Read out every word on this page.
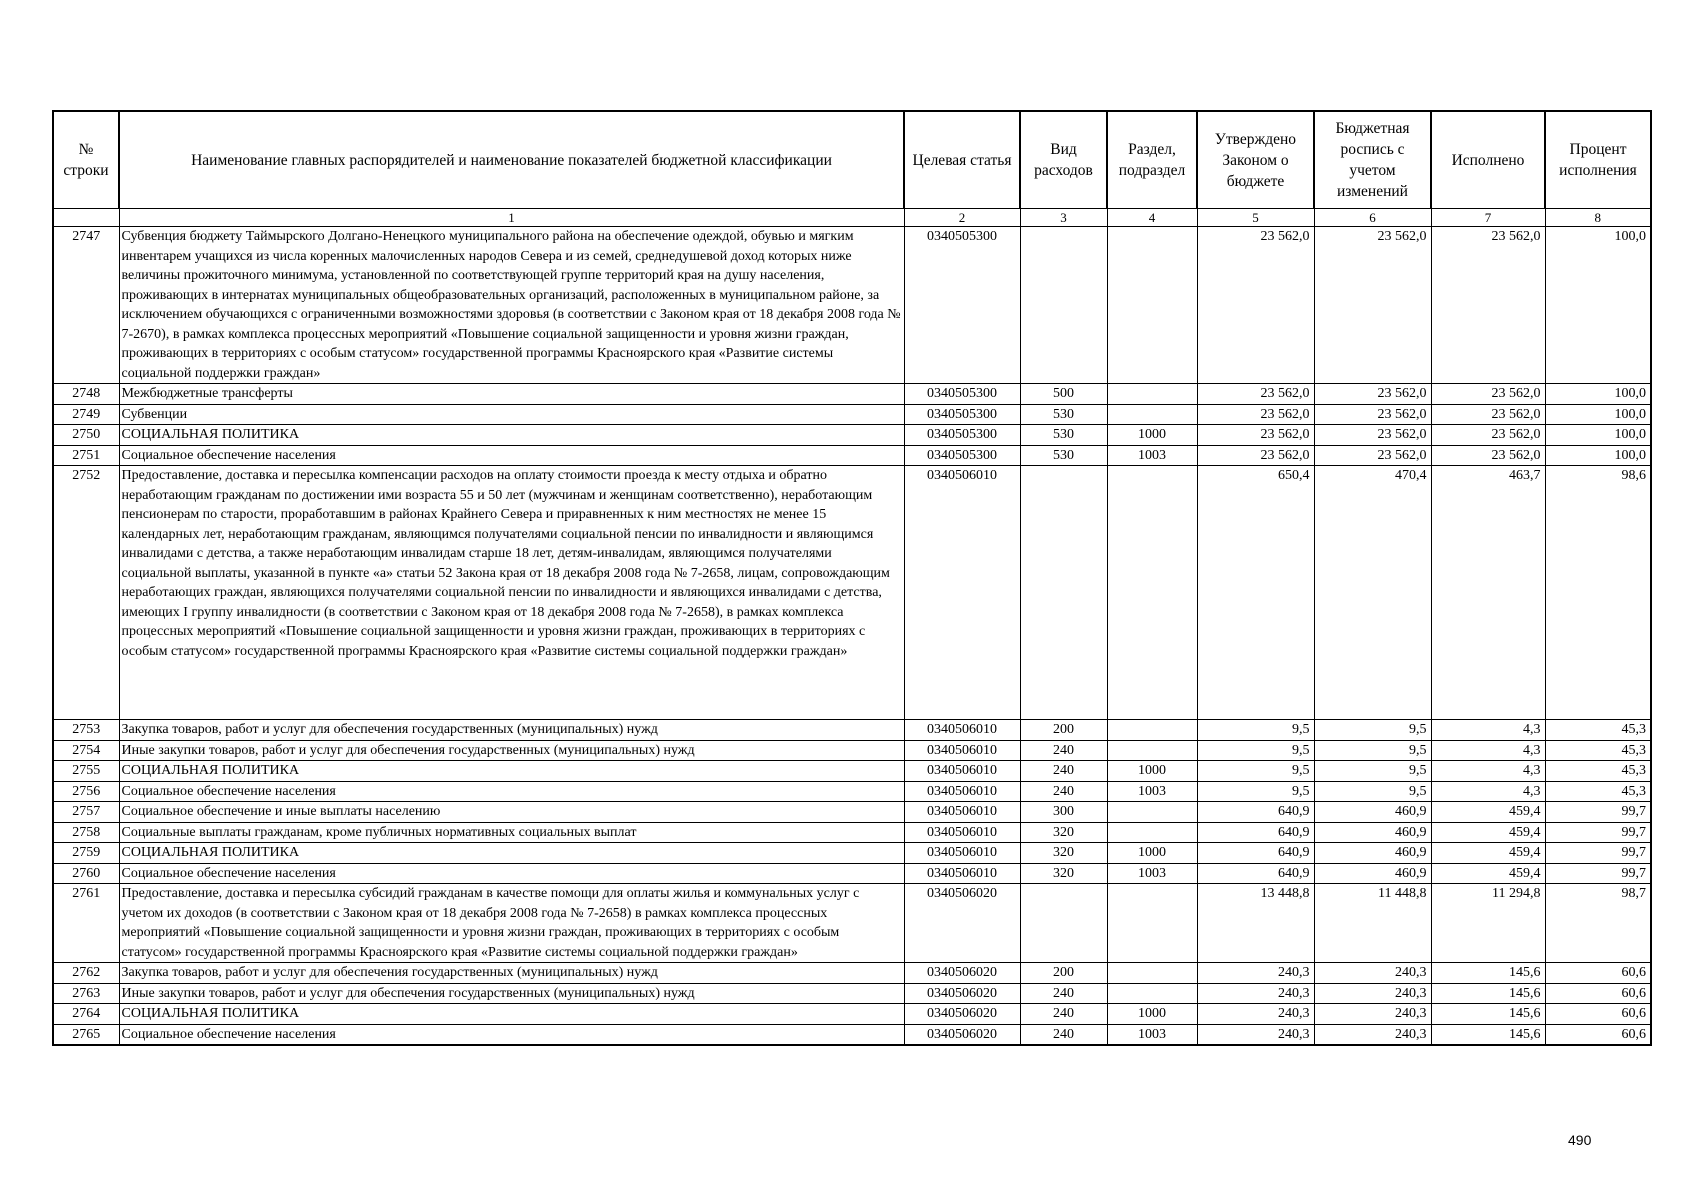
№ строки	Наименование главных распорядителей и наименование показателей бюджетной классификации	Целевая статья	Вид расходов	Раздел, подраздел	Утверждено Законом о бюджете	Бюджетная роспись с учетом изменений	Исполнено	Процент исполнения
	1	2	3	4	5	6	7	8
2747	Субвенция бюджету Таймырского Долгано-Ненецкого муниципального района на обеспечение одеждой, обувью и мягким инвентарем учащихся из числа коренных малочисленных народов Севера и из семей, среднедушевой доход которых ниже величины прожиточного минимума, установленной по соответствующей группе территорий края на душу населения, проживающих в интернатах муниципальных общеобразовательных организаций, расположенных в муниципальном районе, за исключением обучающихся с ограниченными возможностями здоровья (в соответствии с Законом края от 18 декабря 2008 года № 7-2670), в рамках комплекса процессных мероприятий «Повышение социальной защищенности и уровня жизни граждан, проживающих в территориях с особым статусом» государственной программы Красноярского края «Развитие системы социальной поддержки граждан»	0340505300			23 562,0	23 562,0	23 562,0	100,0
2748	Межбюджетные трансферты	0340505300	500		23 562,0	23 562,0	23 562,0	100,0
2749	Субвенции	0340505300	530		23 562,0	23 562,0	23 562,0	100,0
2750	СОЦИАЛЬНАЯ ПОЛИТИКА	0340505300	530	1000	23 562,0	23 562,0	23 562,0	100,0
2751	Социальное обеспечение населения	0340505300	530	1003	23 562,0	23 562,0	23 562,0	100,0
2752	Предоставление, доставка и пересылка компенсации расходов на оплату стоимости проезда к месту отдыха и обратно неработающим гражданам по достижении ими возраста 55 и 50 лет (мужчинам и женщинам соответственно), неработающим пенсионерам по старости, проработавшим в районах Крайнего Севера и приравненных к ним местностях не менее 15 календарных лет, неработающим гражданам, являющимся получателями социальной пенсии по инвалидности и являющимся инвалидами с детства, а также неработающим инвалидам старше 18 лет, детям-инвалидам, являющимся получателями социальной выплаты, указанной в пункте «а» статьи 52 Закона края от 18 декабря 2008 года № 7-2658, лицам, сопровождающим неработающих граждан, являющихся получателями социальной пенсии по инвалидности и являющихся инвалидами с детства, имеющих I группу инвалидности (в соответствии с Законом края от 18 декабря 2008 года № 7-2658), в рамках комплекса процессных мероприятий «Повышение социальной защищенности и уровня жизни граждан, проживающих в территориях с особым статусом» государственной программы Красноярского края «Развитие системы социальной поддержки граждан»	0340506010			650,4	470,4	463,7	98,6
2753	Закупка товаров, работ и услуг для обеспечения государственных (муниципальных) нужд	0340506010	200		9,5	9,5	4,3	45,3
2754	Иные закупки товаров, работ и услуг для обеспечения государственных (муниципальных) нужд	0340506010	240		9,5	9,5	4,3	45,3
2755	СОЦИАЛЬНАЯ ПОЛИТИКА	0340506010	240	1000	9,5	9,5	4,3	45,3
2756	Социальное обеспечение населения	0340506010	240	1003	9,5	9,5	4,3	45,3
2757	Социальное обеспечение и иные выплаты населению	0340506010	300		640,9	460,9	459,4	99,7
2758	Социальные выплаты гражданам, кроме публичных нормативных социальных выплат	0340506010	320		640,9	460,9	459,4	99,7
2759	СОЦИАЛЬНАЯ ПОЛИТИКА	0340506010	320	1000	640,9	460,9	459,4	99,7
2760	Социальное обеспечение населения	0340506010	320	1003	640,9	460,9	459,4	99,7
2761	Предоставление, доставка и пересылка субсидий гражданам в качестве помощи для оплаты жилья и коммунальных услуг с учетом их доходов (в соответствии с Законом края от 18 декабря 2008 года № 7-2658) в рамках комплекса процессных мероприятий «Повышение социальной защищенности и уровня жизни граждан, проживающих в территориях с особым статусом» государственной программы Красноярского края «Развитие системы социальной поддержки граждан»	0340506020			13 448,8	11 448,8	11 294,8	98,7
2762	Закупка товаров, работ и услуг для обеспечения государственных (муниципальных) нужд	0340506020	200		240,3	240,3	145,6	60,6
2763	Иные закупки товаров, работ и услуг для обеспечения государственных (муниципальных) нужд	0340506020	240		240,3	240,3	145,6	60,6
2764	СОЦИАЛЬНАЯ ПОЛИТИКА	0340506020	240	1000	240,3	240,3	145,6	60,6
2765	Социальное обеспечение населения	0340506020	240	1003	240,3	240,3	145,6	60,6
490
